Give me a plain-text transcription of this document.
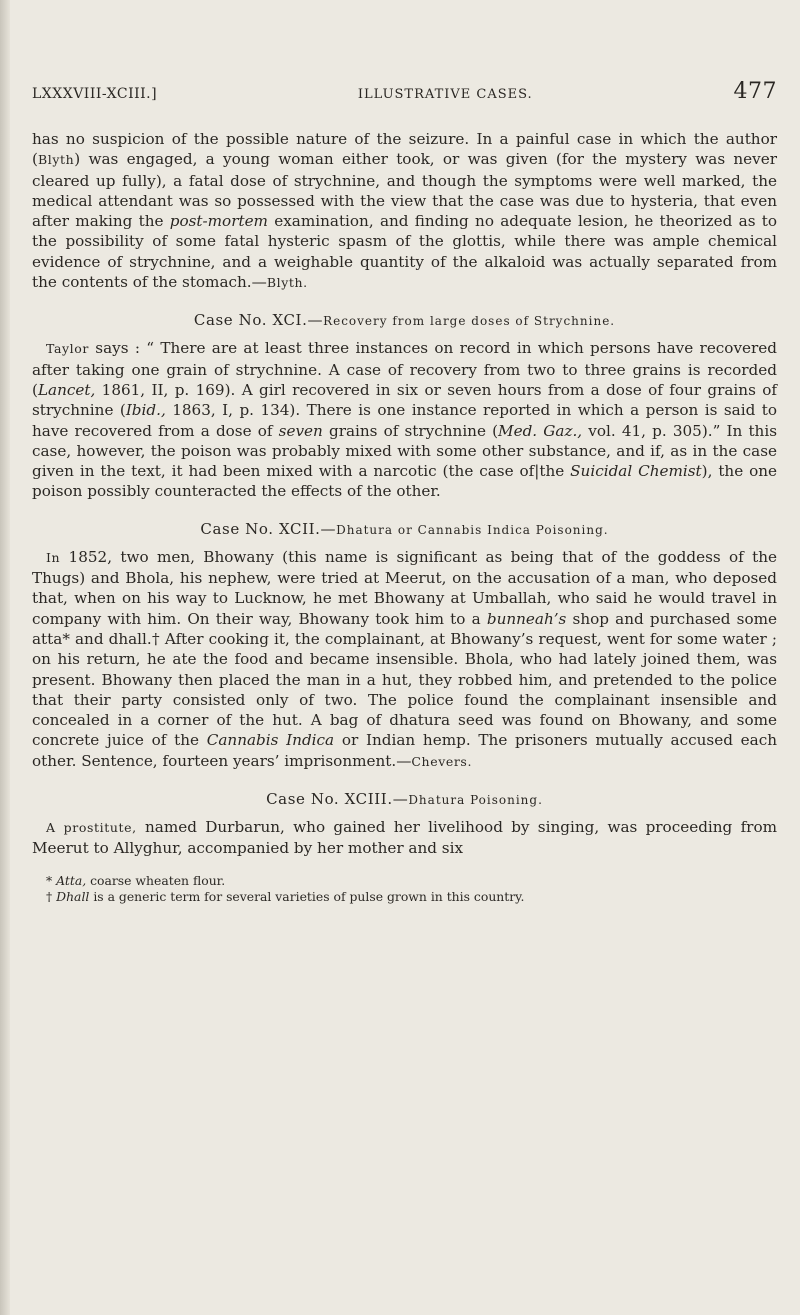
LXXXVIII-XCIII.]	ILLUSTRATIVE CASES.	477

has no suspicion of the possible nature of the seizure. In a painful case in which the author (Blyth) was engaged, a young woman either took, or was given (for the mystery was never cleared up fully), a fatal dose of strychnine, and though the symptoms were well marked, the medical attendant was so possessed with the view that the case was due to hysteria, that even after making the post-mortem examination, and finding no adequate lesion, he theorized as to the possibility of some fatal hysteric spasm of the glottis, while there was ample chemical evidence of strychnine, and a weighable quantity of the alkaloid was actually separated from the contents of the stomach.—Blyth.

Case No. XCI.—Recovery from large doses of Strychnine.

Taylor says : “ There are at least three instances on record in which persons have recovered after taking one grain of strychnine. A case of recovery from two to three grains is recorded (Lancet, 1861, II, p. 169). A girl recovered in six or seven hours from a dose of four grains of strychnine (Ibid., 1863, I, p. 134). There is one instance reported in which a person is said to have recovered from a dose of seven grains of strychnine (Med. Gaz., vol. 41, p. 305).” In this case, however, the poison was probably mixed with some other substance, and if, as in the case given in the text, it had been mixed with a narcotic (the case of|the Suicidal Chemist), the one poison possibly counteracted the effects of the other.

Case No. XCII.—Dhatura or Cannabis Indica Poisoning.

In 1852, two men, Bhowany (this name is significant as being that of the goddess of the Thugs) and Bhola, his nephew, were tried at Meerut, on the accusation of a man, who deposed that, when on his way to Lucknow, he met Bhowany at Umballah, who said he would travel in company with him. On their way, Bhowany took him to a bunneah’s shop and purchased some atta* and dhall.† After cooking it, the complainant, at Bhowany’s request, went for some water ; on his return, he ate the food and became insensible. Bhola, who had lately joined them, was present. Bhowany then placed the man in a hut, they robbed him, and pretended to the police that their party consisted only of two. The police found the complainant insensible and concealed in a corner of the hut. A bag of dhatura seed was found on Bhowany, and some concrete juice of the Cannabis Indica or Indian hemp. The prisoners mutually accused each other. Sentence, fourteen years’ imprisonment.—Chevers.

Case No. XCIII.—Dhatura Poisoning.

A prostitute, named Durbarun, who gained her livelihood by singing, was proceeding from Meerut to Allyghur, accompanied by her mother and six

* Atta, coarse wheaten flour.

† Dhall is a generic term for several varieties of pulse grown in this country.
